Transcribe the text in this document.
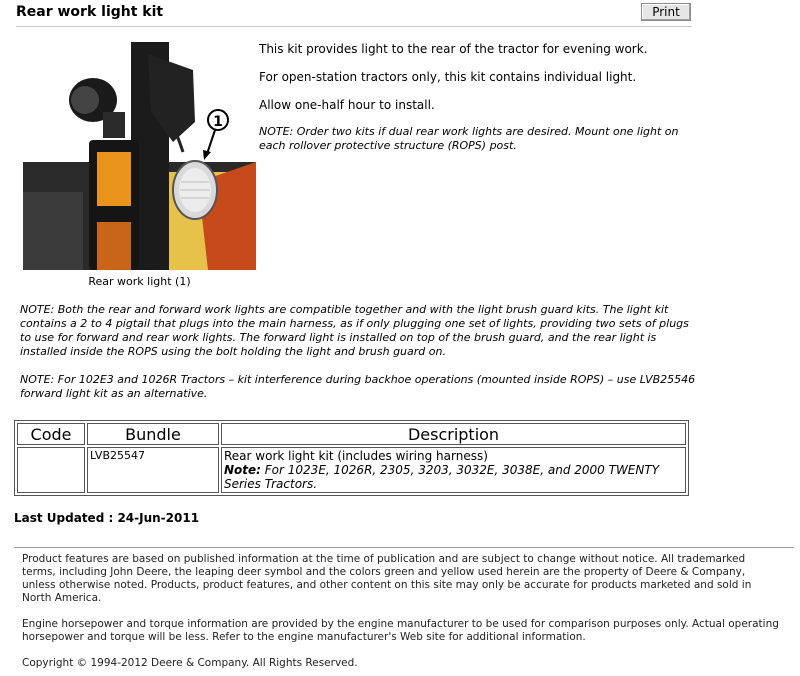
Rear work light kit	Print
1
Rear work light (1)
This kit provides light to the rear of the tractor for evening work.
For open-station tractors only, this kit contains individual light.
Allow one-half hour to install.
NOTE: Order two kits if dual rear work lights are desired. Mount one light on each rollover protective structure (ROPS) post.
NOTE: Both the rear and forward work lights are compatible together and with the light brush guard kits. The light kit contains a 2 to 4 pigtail that plugs into the main harness, as if only plugging one set of lights, providing two sets of plugs to use for forward and rear work lights. The forward light is installed on top of the brush guard, and the rear light is installed inside the ROPS using the bolt holding the light and brush guard on.
NOTE: For 102E3 and 1026R Tractors – kit interference during backhoe operations (mounted inside ROPS) – use LVB25546 forward light kit as an alternative.
Code	Bundle	Description
	LVB25547	Rear work light kit (includes wiring harness)
Note: For 1023E, 1026R, 2305, 3203, 3032E, 3038E, and 2000 TWENTY Series Tractors.
Last Updated : 24-Jun-2011
Product features are based on published information at the time of publication and are subject to change without notice. All trademarked terms, including John Deere, the leaping deer symbol and the colors green and yellow used herein are the property of Deere & Company, unless otherwise noted. Products, product features, and other content on this site may only be accurate for products marketed and sold in North America.
Engine horsepower and torque information are provided by the engine manufacturer to be used for comparison purposes only. Actual operating horsepower and torque will be less. Refer to the engine manufacturer's Web site for additional information.
Copyright © 1994-2012 Deere & Company. All Rights Reserved.
